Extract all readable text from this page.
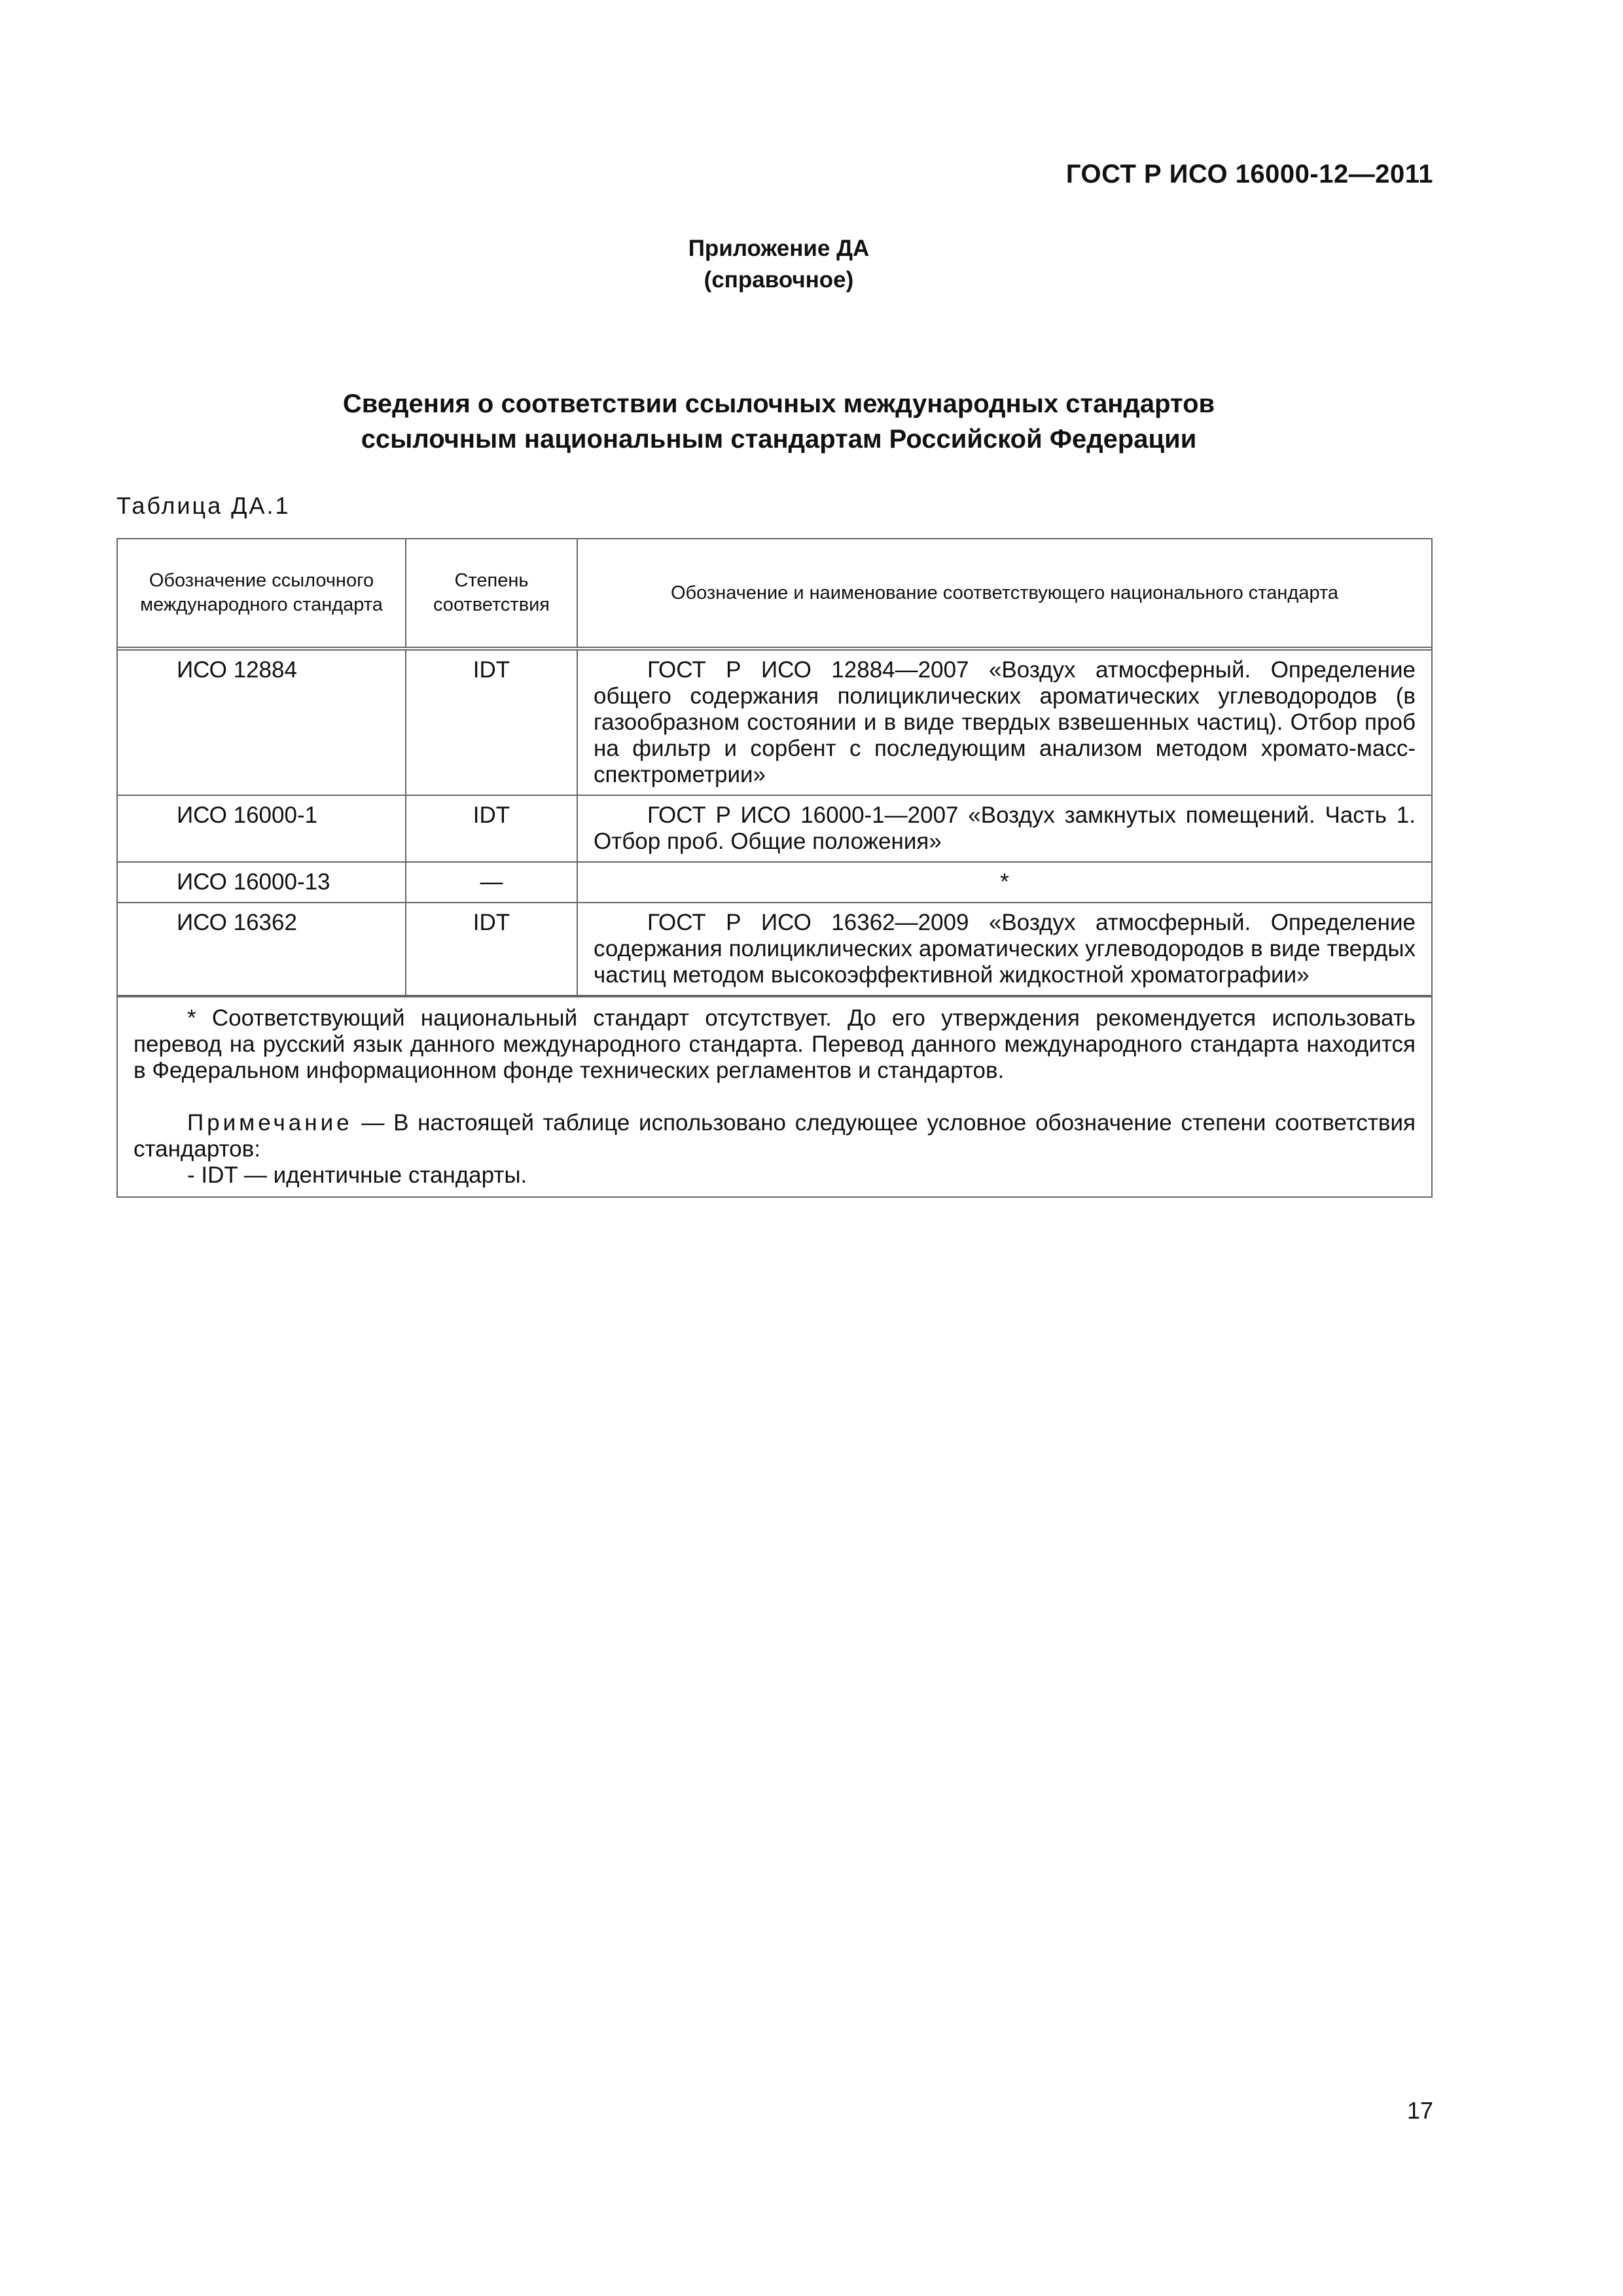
ГОСТ Р ИСО 16000-12—2011
Приложение ДА
(справочное)
Сведения о соответствии ссылочных международных стандартов
ссылочным национальным стандартам Российской Федерации
Таблица ДА.1
Обозначение ссылочного международного стандарта	Степень соответствия	Обозначение и наименование соответствующего национального стандарта
ИСО 12884	IDT	ГОСТ Р ИСО 12884—2007 «Воздух атмосферный. Определение общего содержания полициклических ароматических углеводородов (в газообразном состоянии и в виде твердых взвешенных частиц). Отбор проб на фильтр и сорбент с последующим анализом методом хромато-масс-спектрометрии»
ИСО 16000-1	IDT	ГОСТ Р ИСО 16000-1—2007 «Воздух замкнутых помещений. Часть 1. Отбор проб. Общие положения»
ИСО 16000-13	—	*
ИСО 16362	IDT	ГОСТ Р ИСО 16362—2009 «Воздух атмосферный. Определение содержания полициклических ароматических углеводородов в виде твердых частиц методом высокоэффективной жидкостной хроматографии»

* Соответствующий национальный стандарт отсутствует. До его утверждения рекомендуется использовать перевод на русский язык данного международного стандарта. Перевод данного международного стандарта находится в Федеральном информационном фонде технических регламентов и стандартов.

Примечание — В настоящей таблице использовано следующее условное обозначение степени соответствия стандартов:

- IDT — идентичные стандарты.

17
